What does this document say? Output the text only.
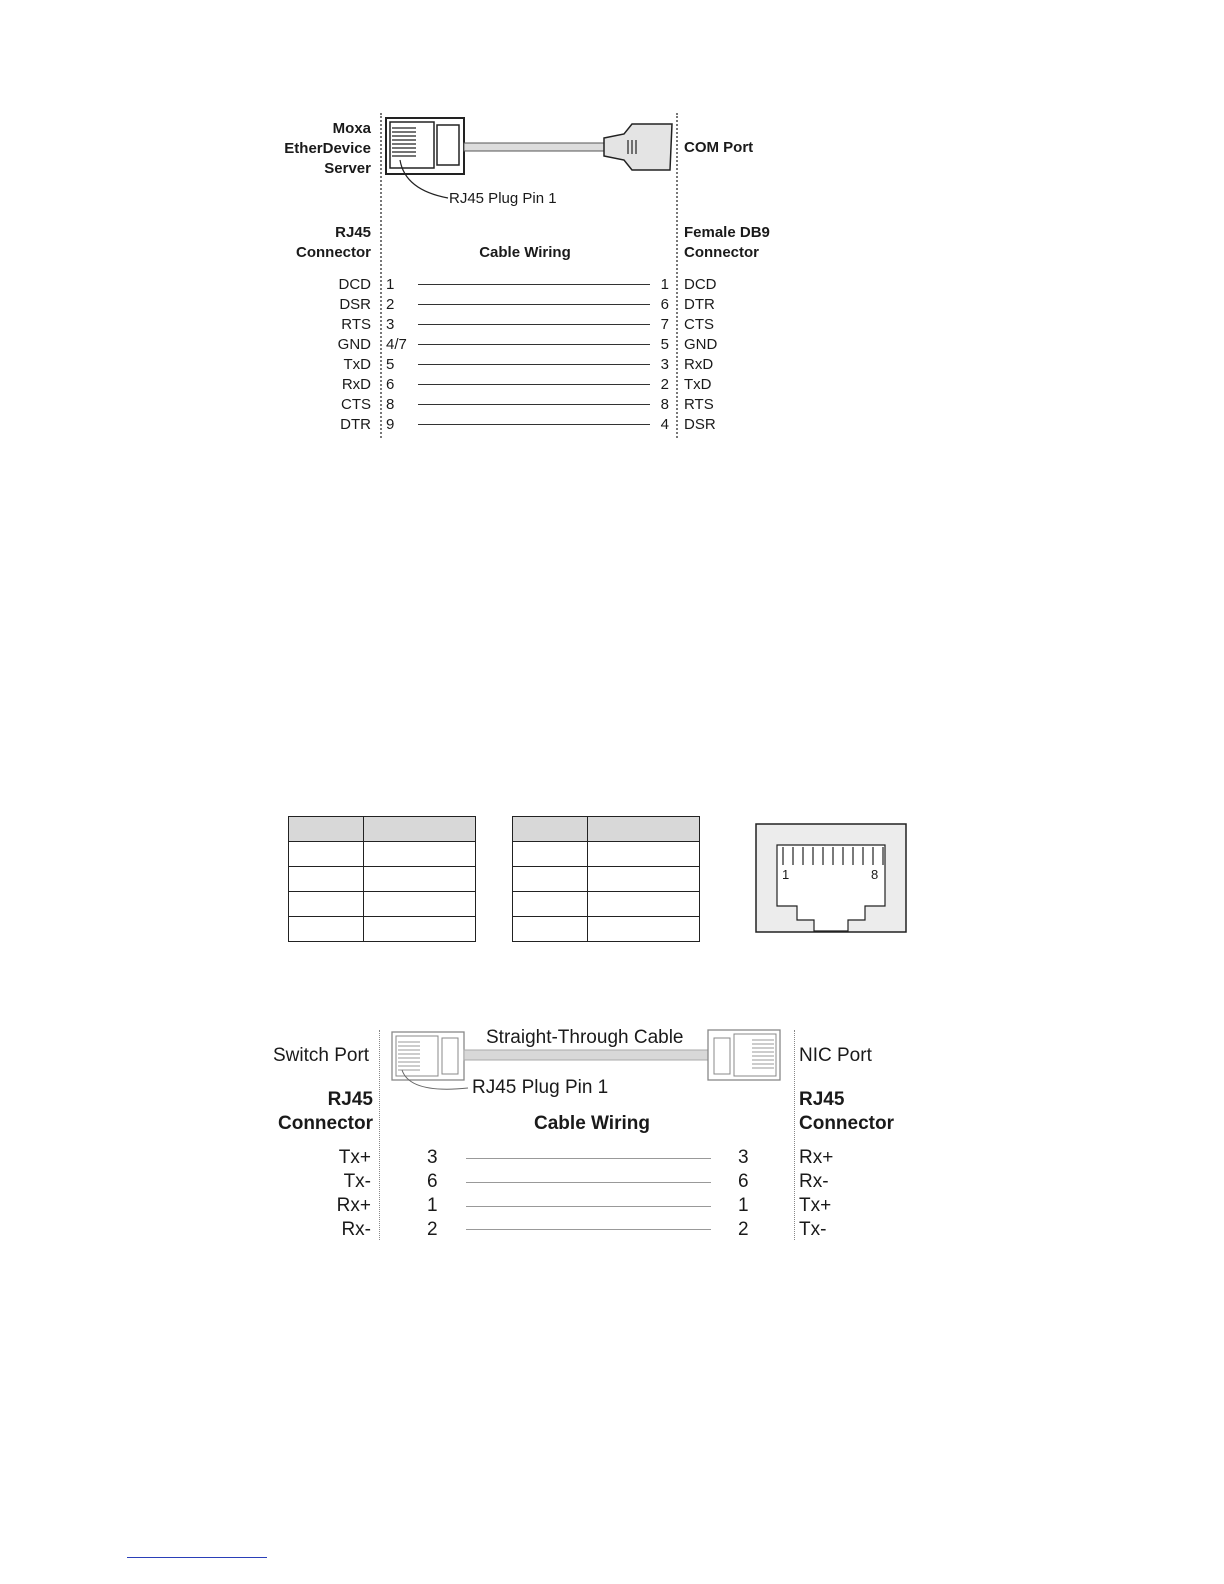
Moxa
EtherDevice
Server
COM Port
RJ45 Plug Pin 1
RJ45
Connector	Cable Wiring
Female DB9
Connector
DCD 1	1 DCD
DSR 2	6 DTR
RTS 3	7 CTS
GND 4/7	5 GND
TxD 5	3 RxD
RxD 6	2 TxD
CTS 8	8 RTS
DTR 9	4 DSR

1	8
Switch Port	NIC Port
Straight-Through Cable
RJ45 Plug Pin 1
RJ45
Connector	Cable Wiring
RJ45
Connector
Tx+	3	3	Rx+
Tx-	6	6	Rx-
Rx+	1	1	Tx+
Rx-	2	2	Tx-
